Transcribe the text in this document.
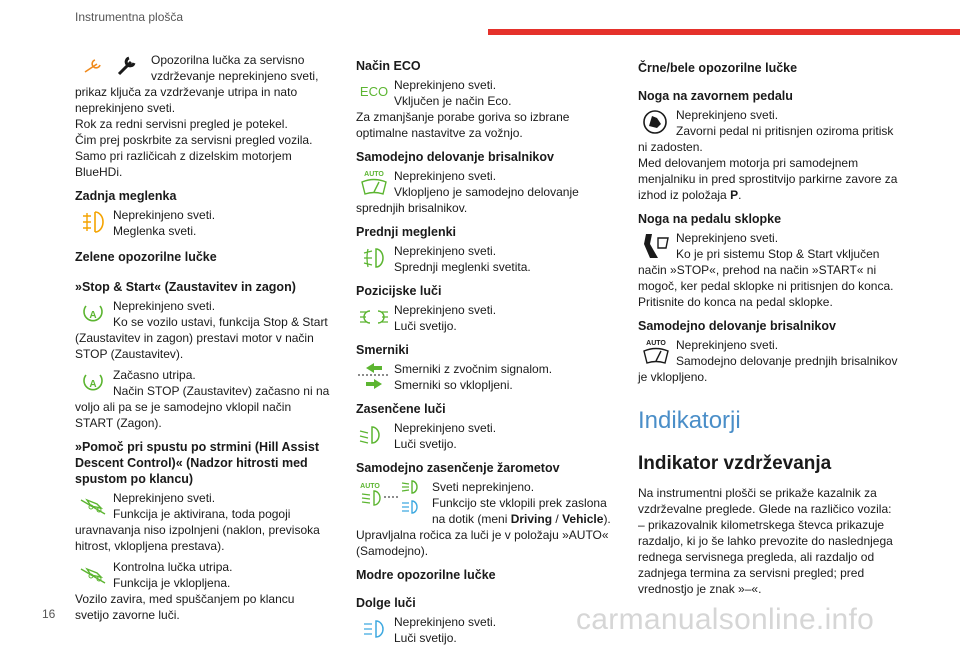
Instrumentna plošča

Opozorilna lučka za servisno vzdrževanje neprekinjeno sveti, prikaz ključa za vzdrževanje utripa in nato neprekinjeno sveti.

Rok za redni servisni pregled je potekel.

Čim prej poskrbite za servisni pregled vozila.

Samo pri različicah z dizelskim motorjem BlueHDi.

Zadnja meglenka

Neprekinjeno sveti.

Meglenka sveti.

Zelene opozorilne lučke
»Stop & Start« (Zaustavitev in zagon)
A

Neprekinjeno sveti.

Ko se vozilo ustavi, funkcija Stop & Start (Zaustavitev in zagon) prestavi motor v način STOP (Zaustavitev).

A

Začasno utripa.

Način STOP (Zaustavitev) začasno ni na voljo ali pa se je samodejno vklopil način START (Zagon).

»Pomoč pri spustu po strmini (Hill Assist Descent Control)« (Nadzor hitrosti med spustom po klancu)

Neprekinjeno sveti.

Funkcija je aktivirana, toda pogoji uravnavanja niso izpolnjeni (naklon, previsoka hitrost, vklopljena prestava).

Kontrolna lučka utripa.

Funkcija je vklopljena.

Vozilo zavira, med spuščanjem po klancu svetijo zavorne luči.

Način ECO
ECO Neprekinjeno sveti.

Vključen je način Eco.

Za zmanjšanje porabe goriva so izbrane optimalne nastavitve za vožnjo.

Samodejno delovanje brisalnikov
AUTO Neprekinjeno sveti.

Vklopljeno je samodejno delovanje sprednjih brisalnikov.

Prednji meglenki

Neprekinjeno sveti.

Sprednji meglenki svetita.

Pozicijske luči

Neprekinjeno sveti.

Luči svetijo.

Smerniki

Smerniki z zvočnim signalom.

Smerniki so vklopljeni.

Zasenčene luči

Neprekinjeno sveti.

Luči svetijo.

Samodejno zasenčenje žarometov
AUTO	Sveti neprekinjeno.

Funkcijo ste vklopili prek zaslona na dotik (meni Driving / Vehicle).

Upravljalna ročica za luči je v položaju »AUTO« (Samodejno).

Modre opozorilne lučke
Dolge luči

Neprekinjeno sveti.

Luči svetijo.

Črne/bele opozorilne lučke
Noga na zavornem pedalu

Neprekinjeno sveti.

Zavorni pedal ni pritisnjen oziroma pritisk ni zadosten.

Med delovanjem motorja pri samodejnem menjalniku in pred sprostitvijo parkirne zavore za izhod iz položaja P.

Noga na pedalu sklopke

Neprekinjeno sveti.

Ko je pri sistemu Stop & Start vključen način »STOP«, prehod na način »START« ni mogoč, ker pedal sklopke ni pritisnjen do konca.

Pritisnite do konca na pedal sklopke.

Samodejno delovanje brisalnikov
AUTO Neprekinjeno sveti.

Samodejno delovanje prednjih brisalnikov je vklopljeno.

Indikatorji
Indikator vzdrževanja

Na instrumentni plošči se prikaže kazalnik za vzdrževalne preglede. Glede na različico vozila:

– prikazovalnik kilometrskega števca prikazuje razdaljo, ki jo še lahko prevozite do naslednjega rednega servisnega pregleda, ali razdaljo od zadnjega termina za servisni pregled; pred vrednostjo je znak »–«.

16	carmanualsonline.info
